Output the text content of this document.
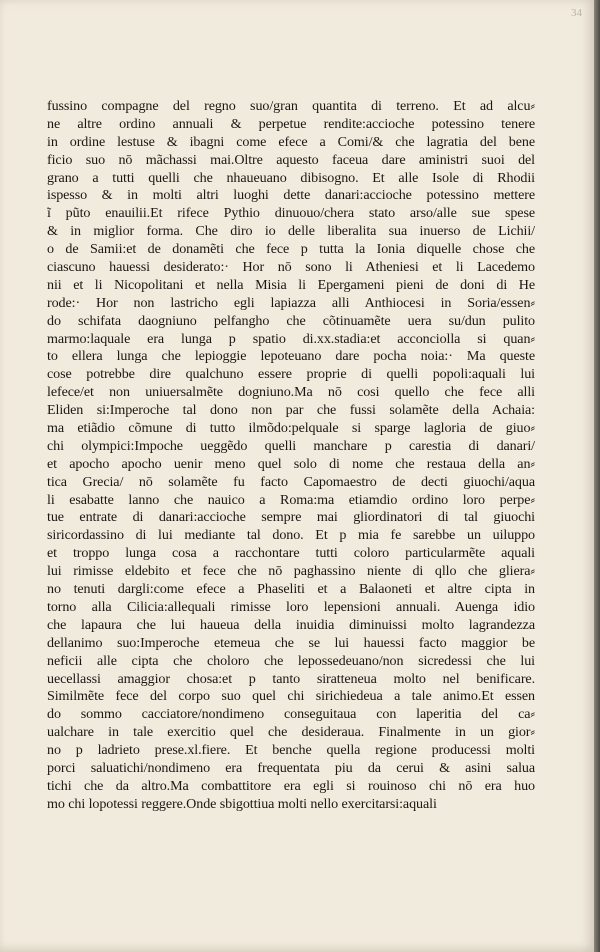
34
fussino compagne del regno suo/gran quantita di terreno. Et ad alcu⸗
ne altre ordino annuali & perpetue rendite:accioche potessino tenere
in ordine lestuse & ibagni come efece a Comi/& che lagratia del bene
ficio suo nō mãchassi mai.Oltre aquesto faceua dare aministri suoi del
grano a tutti quelli che nhaueuano dibisogno. Et alle Isole di Rhodii
ispesso & in molti altri luoghi dette danari:accioche potessino mettere
ĩ pũto enauilii.Et rifece Pythio dinuouo/chera stato arso/alle sue spese
& in miglior forma. Che diro io delle liberalita sua inuerso de Lichii/
o de Samii:et de donamẽti che fece p tutta la Ionia diquelle chose che
ciascuno hauessi desiderato:· Hor nō sono li Atheniesi et li Lacedemo
nii et li Nicopolitani et nella Misia li Epergameni pieni de doni di He
rode:· Hor non lastricho egli lapiazza alli Anthiocesi in Soria/essen⸗
do schifata daogniuno pelfangho che cõtinuamẽte uera su/dun pulito
marmo:laquale era lunga p spatio di.xx.stadia:et acconciolla si quan⸗
to ellera lunga che lepioggie lepoteuano dare pocha noia:· Ma queste
cose potrebbe dire qualchuno essere proprie di quelli popoli:aquali lui
lefece/et non uniuersalmẽte dogniuno.Ma nō cosi quello che fece alli
Eliden si:Imperoche tal dono non par che fussi solamẽte della Achaia:
ma etiãdio cõmune di tutto ilmõdo:pelquale si sparge lagloria de giuo⸗
chi olympici:Impoche ueggẽdo quelli manchare p carestia di danari/
et apocho apocho uenir meno quel solo di nome che restaua della an⸗
tica Grecia/ nō solamẽte fu facto Capomaestro de decti giuochi/aqua
li esabatte lanno che nauico a Roma:ma etiamdio ordino loro perpe⸗
tue entrate di danari:accioche sempre mai gliordinatori di tal giuochi
siricordassino di lui mediante tal dono. Et p mia fe sarebbe un uiluppo
et troppo lunga cosa a racchontare tutti coloro particularmẽte aquali
lui rimisse eldebito et fece che nō paghassino niente di qllo che gliera⸗
no tenuti dargli:come efece a Phaseliti et a Balaoneti et altre cipta in
torno alla Cilicia:allequali rimisse loro lepensioni annuali. Auenga idio
che lapaura che lui haueua della inuidia diminuissi molto lagrandezza
dellanimo suo:Imperoche etemeua che se lui hauessi facto maggior be
neficii alle cipta che choloro che lepossedeuano/non sicredessi che lui
uecellassi amaggior chosa:et p tanto siratteneua molto nel benificare.
Similmẽte fece del corpo suo quel chi sirichiedeua a tale animo.Et essen
do sommo cacciatore/nondimeno conseguitaua con laperitia del ca⸗
ualchare in tale exercitio quel che desideraua. Finalmente in un gior⸗
no p ladrieto prese.xl.fiere. Et benche quella regione producessi molti
porci saluatichi/nondimeno era frequentata piu da cerui & asini salua
tichi che da altro.Ma combattitore era egli si rouinoso chi nō era huo
mo chi lopotessi reggere.Onde sbigottiua molti nello exercitarsi:aquali
